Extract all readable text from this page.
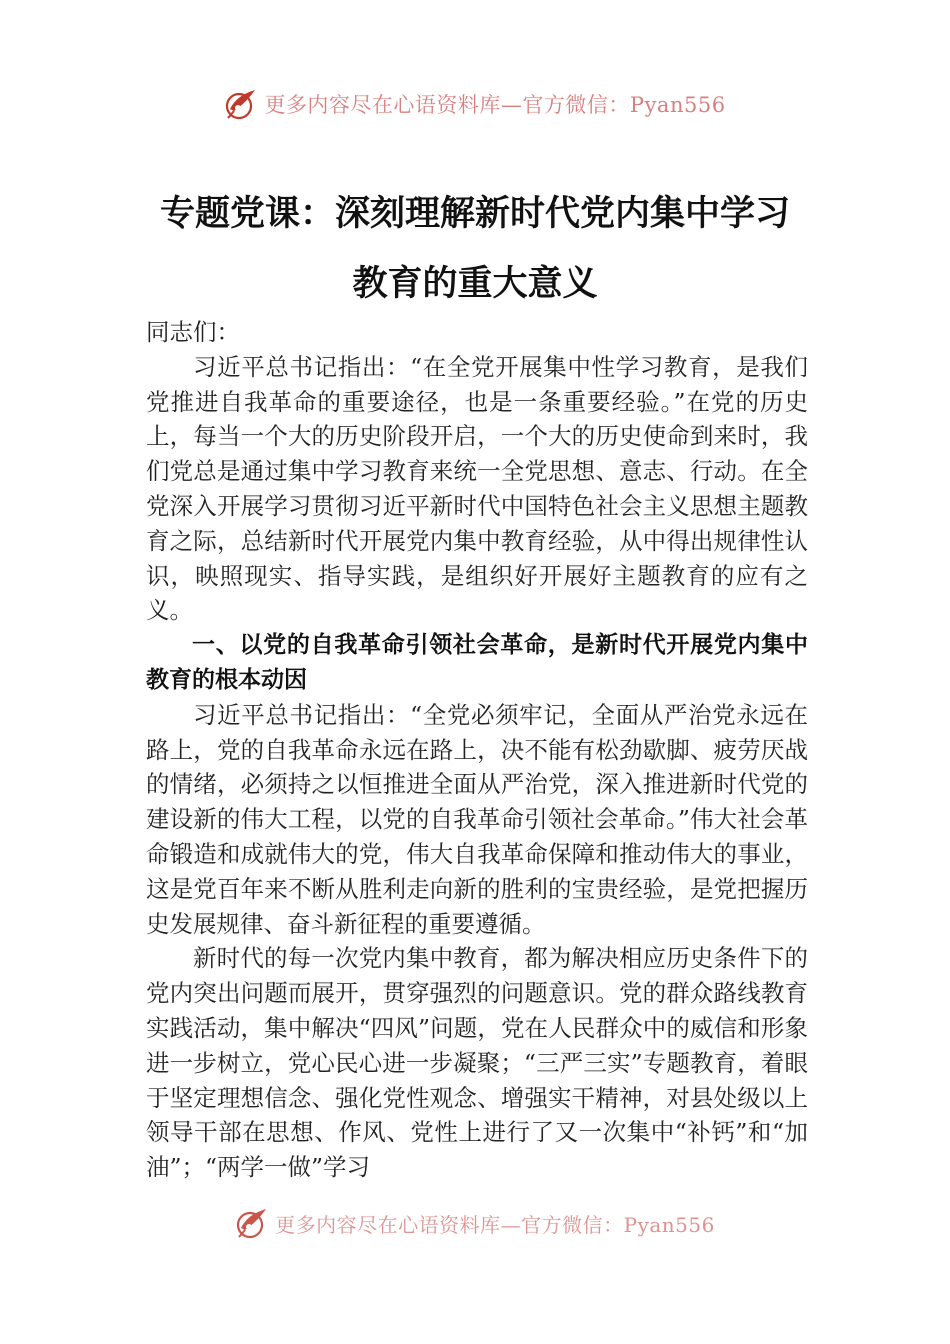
更多内容尽在心语资料库—官方微信：Pyan556
专题党课：深刻理解新时代党内集中学习
教育的重大意义

同志们：

习近平总书记指出：“在全党开展集中性学习教育，是我们党推进自我革命的重要途径，也是一条重要经验。”在党的历史上，每当一个大的历史阶段开启，一个大的历史使命到来时，我们党总是通过集中学习教育来统一全党思想、意志、行动。在全党深入开展学习贯彻习近平新时代中国特色社会主义思想主题教育之际，总结新时代开展党内集中教育经验，从中得出规律性认识，映照现实、指导实践，是组织好开展好主题教育的应有之义。

一、以党的自我革命引领社会革命，是新时代开展党内集中教育的根本动因

习近平总书记指出：“全党必须牢记，全面从严治党永远在路上，党的自我革命永远在路上，决不能有松劲歇脚、疲劳厌战的情绪，必须持之以恒推进全面从严治党，深入推进新时代党的建设新的伟大工程，以党的自我革命引领社会革命。”伟大社会革命锻造和成就伟大的党，伟大自我革命保障和推动伟大的事业，这是党百年来不断从胜利走向新的胜利的宝贵经验，是党把握历史发展规律、奋斗新征程的重要遵循。

新时代的每一次党内集中教育，都为解决相应历史条件下的党内突出问题而展开，贯穿强烈的问题意识。党的群众路线教育实践活动，集中解决“四风”问题，党在人民群众中的威信和形象进一步树立，党心民心进一步凝聚；“三严三实”专题教育，着眼于坚定理想信念、强化党性观念、增强实干精神，对县处级以上领导干部在思想、作风、党性上进行了又一次集中“补钙”和“加油”；“两学一做”学习

更多内容尽在心语资料库—官方微信：Pyan556
